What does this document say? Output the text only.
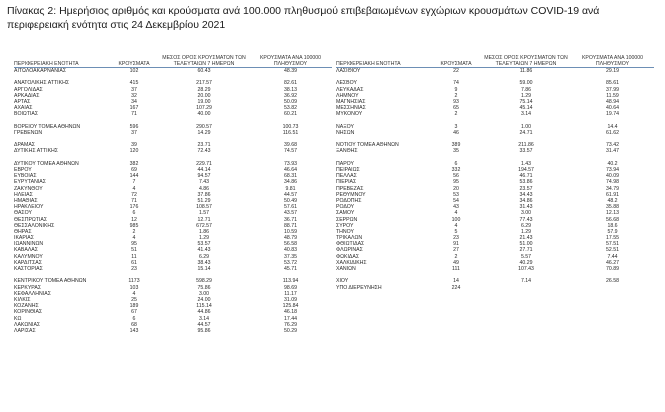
Πίνακας 2: Ημερήσιος αριθμός και κρούσματα ανά 100.000 πληθυσμού επιβεβαιωμένων εγχώριων κρουσμάτων COVID-19 ανά περιφερειακή ενότητα στις 24 Δεκεμβρίου 2021
ΠΕΡΙΦΕΡΕΙΑΚΗ ΕΝΟΤΗΤΑ	ΚΡΟΥΣΜΑΤΑ
ΜΕΣΟΣ ΟΡΟΣ ΚΡΟΥΣΜΑΤΩΝ ΤΩΝ ΤΕΛΕΥΤΑΙΩΝ 7 ΗΜΕΡΩΝ
ΚΡΟΥΣΜΑΤΑ ΑΝΑ 100000 ΠΛΗΘΥΣΜΟΥ
ΑΙΤΩΛΟΑΚΑΡΝΑΝΙΑΣ	102	60.43	48.39
ΑΝΑΤΟΛΙΚΗΣ ΑΤΤΙΚΗΣ	415	217.57	82.61
ΑΡΓΟΛΙΔΑΣ	37	28.29	38.13
ΑΡΚΑΔΙΑΣ	32	20.00	36.92
ΑΡΤΑΣ	34	19.00	50.09
ΑΧΑΪΑΣ	167	107.29	53.82
ΒΟΙΩΤΙΑΣ	71	40.00	60.21
ΒΟΡΕΙΟΥ ΤΟΜΕΑ ΑΘΗΝΩΝ	596	290.57	100.73
ΓΡΕΒΕΝΩΝ	37	14.29	116.51
ΔΡΑΜΑΣ	39	23.71	39.68
ΔΥΤΙΚΗΣ ΑΤΤΙΚΗΣ	120	72.43	74.57
ΔΥΤΙΚΟΥ ΤΟΜΕΑ ΑΘΗΝΩΝ	382	229.71	73.93
ΕΒΡΟΥ	69	44.14	46.64
ΕΥΒΟΙΑΣ	144	94.57	68.31
ΕΥΡΥΤΑΝΙΑΣ	7	7.43	34.86
ΖΑΚΥΝΘΟΥ	4	4.86	9.81
ΗΛΕΙΑΣ	72	37.86	44.57
ΗΜΑΘΙΑΣ	71	51.29	50.49
ΗΡΑΚΛΕΙΟΥ	176	108.57	57.61
ΘΑΣΟΥ	6	1.57	43.57
ΘΕΣΠΡΩΤΙΑΣ	12	12.71	36.71
ΘΕΣΣΑΛΟΝΙΚΗΣ	985	672.57	88.71
ΘΗΡΑΣ	2	1.86	10.59
ΙΚΑΡΙΑΣ	4	1.29	48.79
ΙΩΑΝΝΙΝΩΝ	95	53.57	56.58
ΚΑΒΑΛΑΣ	51	41.43	40.83
ΚΑΛΥΜΝΟΥ	11	6.29	37.35
ΚΑΡΔΙΤΣΑΣ	61	38.43	53.72
ΚΑΣΤΟΡΙΑΣ	23	15.14	45.71
ΚΕΝΤΡΙΚΟΥ ΤΟΜΕΑ ΑΘΗΝΩΝ	1173	598.29	113.94
ΚΕΡΚΥΡΑΣ	103	75.86	98.69
ΚΕΦΑΛΛΗΝΙΑΣ	4	3.00	11.17
ΚΙΛΚΙΣ	25	24.00	31.09
ΚΟΖΑΝΗΣ	189	115.14	125.84
ΚΟΡΙΝΘΙΑΣ	67	44.86	46.18
ΚΩ	6	3.14	17.44
ΛΑΚΩΝΙΑΣ	68	44.57	76.29
ΛΑΡΙΣΑΣ	143	95.86	50.29
ΠΕΡΙΦΕΡΕΙΑΚΗ ΕΝΟΤΗΤΑ	ΚΡΟΥΣΜΑΤΑ
ΜΕΣΟΣ ΟΡΟΣ ΚΡΟΥΣΜΑΤΩΝ ΤΩΝ ΤΕΛΕΥΤΑΙΩΝ 7 ΗΜΕΡΩΝ
ΚΡΟΥΣΜΑΤΑ ΑΝΑ 100000 ΠΛΗΘΥΣΜΟΥ
ΛΑΣΙΘΙΟΥ	22	11.86	29.19
ΛΕΣΒΟΥ	74	59.00	85.61
ΛΕΥΚΑΔΑΣ	9	7.86	37.99
ΛΗΜΝΟΥ	2	1.29	11.59
ΜΑΓΝΗΣΙΑΣ	93	75.14	48.94
ΜΕΣΣΗΝΙΑΣ	65	45.14	40.64
ΜΥΚΟΝΟΥ	2	3.14	19.74
ΝΑΞΟΥ	3	1.00	14.4
ΝΗΣΩΝ	46	24.71	61.62
ΝΟΤΙΟΥ ΤΟΜΕΑ ΑΘΗΝΩΝ	389	211.86	73.42
ΞΑΝΘΗΣ	35	33.57	31.47
ΠΑΡΟΥ	6	1.43	40.2
ΠΕΙΡΑΙΩΣ	332	194.57	73.94
ΠΕΛΛΑΣ	56	46.71	40.09
ΠΙΕΡΙΑΣ	95	53.86	74.98
ΠΡΕΒΕΖΑΣ	20	23.57	34.79
ΡΕΘΥΜΝΟΥ	53	34.43	61.91
ΡΟΔΟΠΗΣ	54	34.86	48.2
ΡΟΔΟΥ	43	31.43	35.88
ΣΑΜΟΥ	4	3.00	12.13
ΣΕΡΡΩΝ	100	77.43	56.68
ΣΥΡΟΥ	4	6.29	18.6
ΤΗΝΟΥ	5	1.29	57.9
ΤΡΙΚΑΛΩΝ	23	21.43	17.55
ΦΘΙΩΤΙΔΑΣ	91	51.00	57.51
ΦΛΩΡΙΝΑΣ	27	27.71	52.51
ΦΩΚΙΔΑΣ	2	5.57	7.44
ΧΑΛΚΙΔΙΚΗΣ	49	40.29	46.27
ΧΑΝΙΩΝ	111	107.43	70.89
ΧΙΟΥ	14	7.14	26.58
ΥΠΟ ΔΙΕΡΕΥΝΗΣΗ	224
